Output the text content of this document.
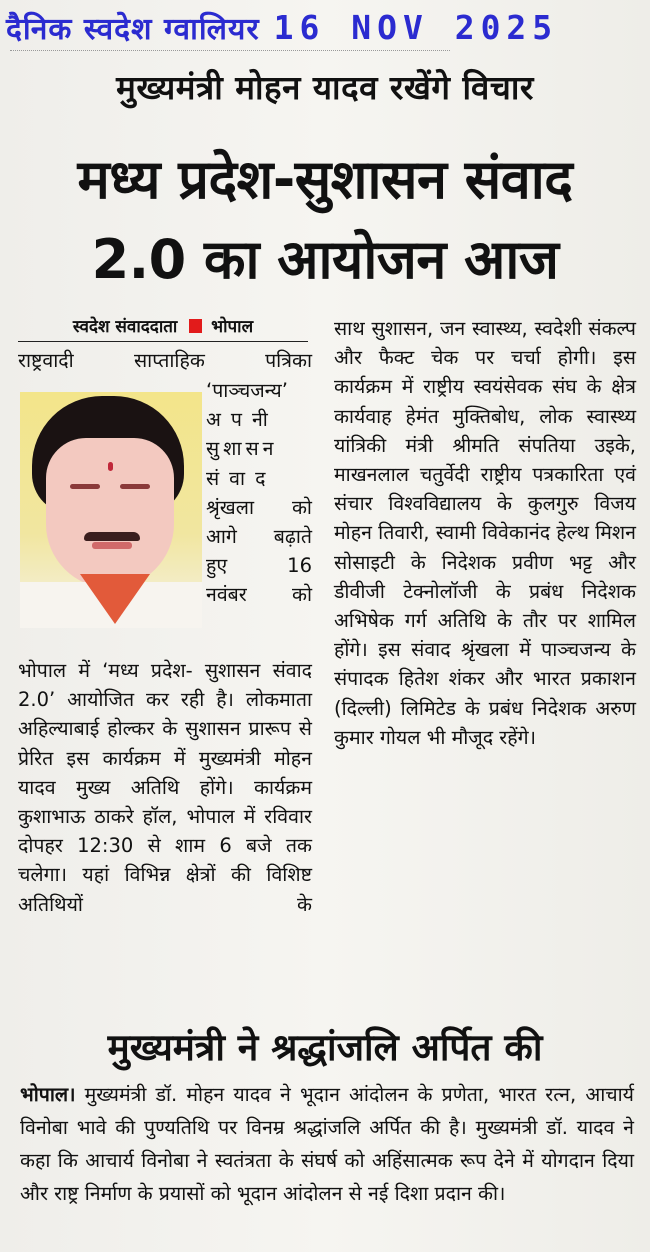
दैनिक स्वदेश ग्वालियर 16 NOV 2025
मुख्यमंत्री मोहन यादव रखेंगे विचार
मध्य प्रदेश-सुशासन संवाद
2.0 का आयोजन आज
स्वदेश संवाददाता भोपाल

राष्ट्रवादी साप्ताहिक पत्रिका

‘पाञ्चजन्य’

अपनी

सुशासन

संवाद

श्रृंखला को

आगे बढ़ाते

हुए 16

नवंबर को

भोपाल में ‘मध्य प्रदेश- सुशासन संवाद 2.0’ आयोजित कर रही है। लोकमाता अहिल्याबाई होल्कर के सुशासन प्रारूप से प्रेरित इस कार्यक्रम में मुख्यमंत्री मोहन यादव मुख्य अतिथि होंगे। कार्यक्रम कुशाभाऊ ठाकरे हॉल, भोपाल में रविवार दोपहर 12:30 से शाम 6 बजे तक चलेगा। यहां विभिन्न क्षेत्रों की विशिष्ट अतिथियों के

साथ सुशासन, जन स्वास्थ्य, स्वदेशी संकल्प और फैक्ट चेक पर चर्चा होगी। इस कार्यक्रम में राष्ट्रीय स्वयंसेवक संघ के क्षेत्र कार्यवाह हेमंत मुक्तिबोध, लोक स्वास्थ्य यांत्रिकी मंत्री श्रीमति संपतिया उइके, माखनलाल चतुर्वेदी राष्ट्रीय पत्रकारिता एवं संचार विश्वविद्यालय के कुलगुरु विजय मोहन तिवारी, स्वामी विवेकानंद हेल्थ मिशन सोसाइटी के निदेशक प्रवीण भट्ट और डीवीजी टेक्नोलॉजी के प्रबंध निदेशक अभिषेक गर्ग अतिथि के तौर पर शामिल होंगे। इस संवाद श्रृंखला में पाञ्चजन्य के संपादक हितेश शंकर और भारत प्रकाशन (दिल्ली) लिमिटेड के प्रबंध निदेशक अरुण कुमार गोयल भी मौजूद रहेंगे।

मुख्यमंत्री ने श्रद्धांजलि अर्पित की
भोपाल। मुख्यमंत्री डॉ. मोहन यादव ने भूदान आंदोलन के प्रणेता, भारत रत्न, आचार्य विनोबा भावे की पुण्यतिथि पर विनम्र श्रद्धांजलि अर्पित की है। मुख्यमंत्री डॉ. यादव ने कहा कि आचार्य विनोबा ने स्वतंत्रता के संघर्ष को अहिंसात्मक रूप देने में योगदान दिया और राष्ट्र निर्माण के प्रयासों को भूदान आंदोलन से नई दिशा प्रदान की।
